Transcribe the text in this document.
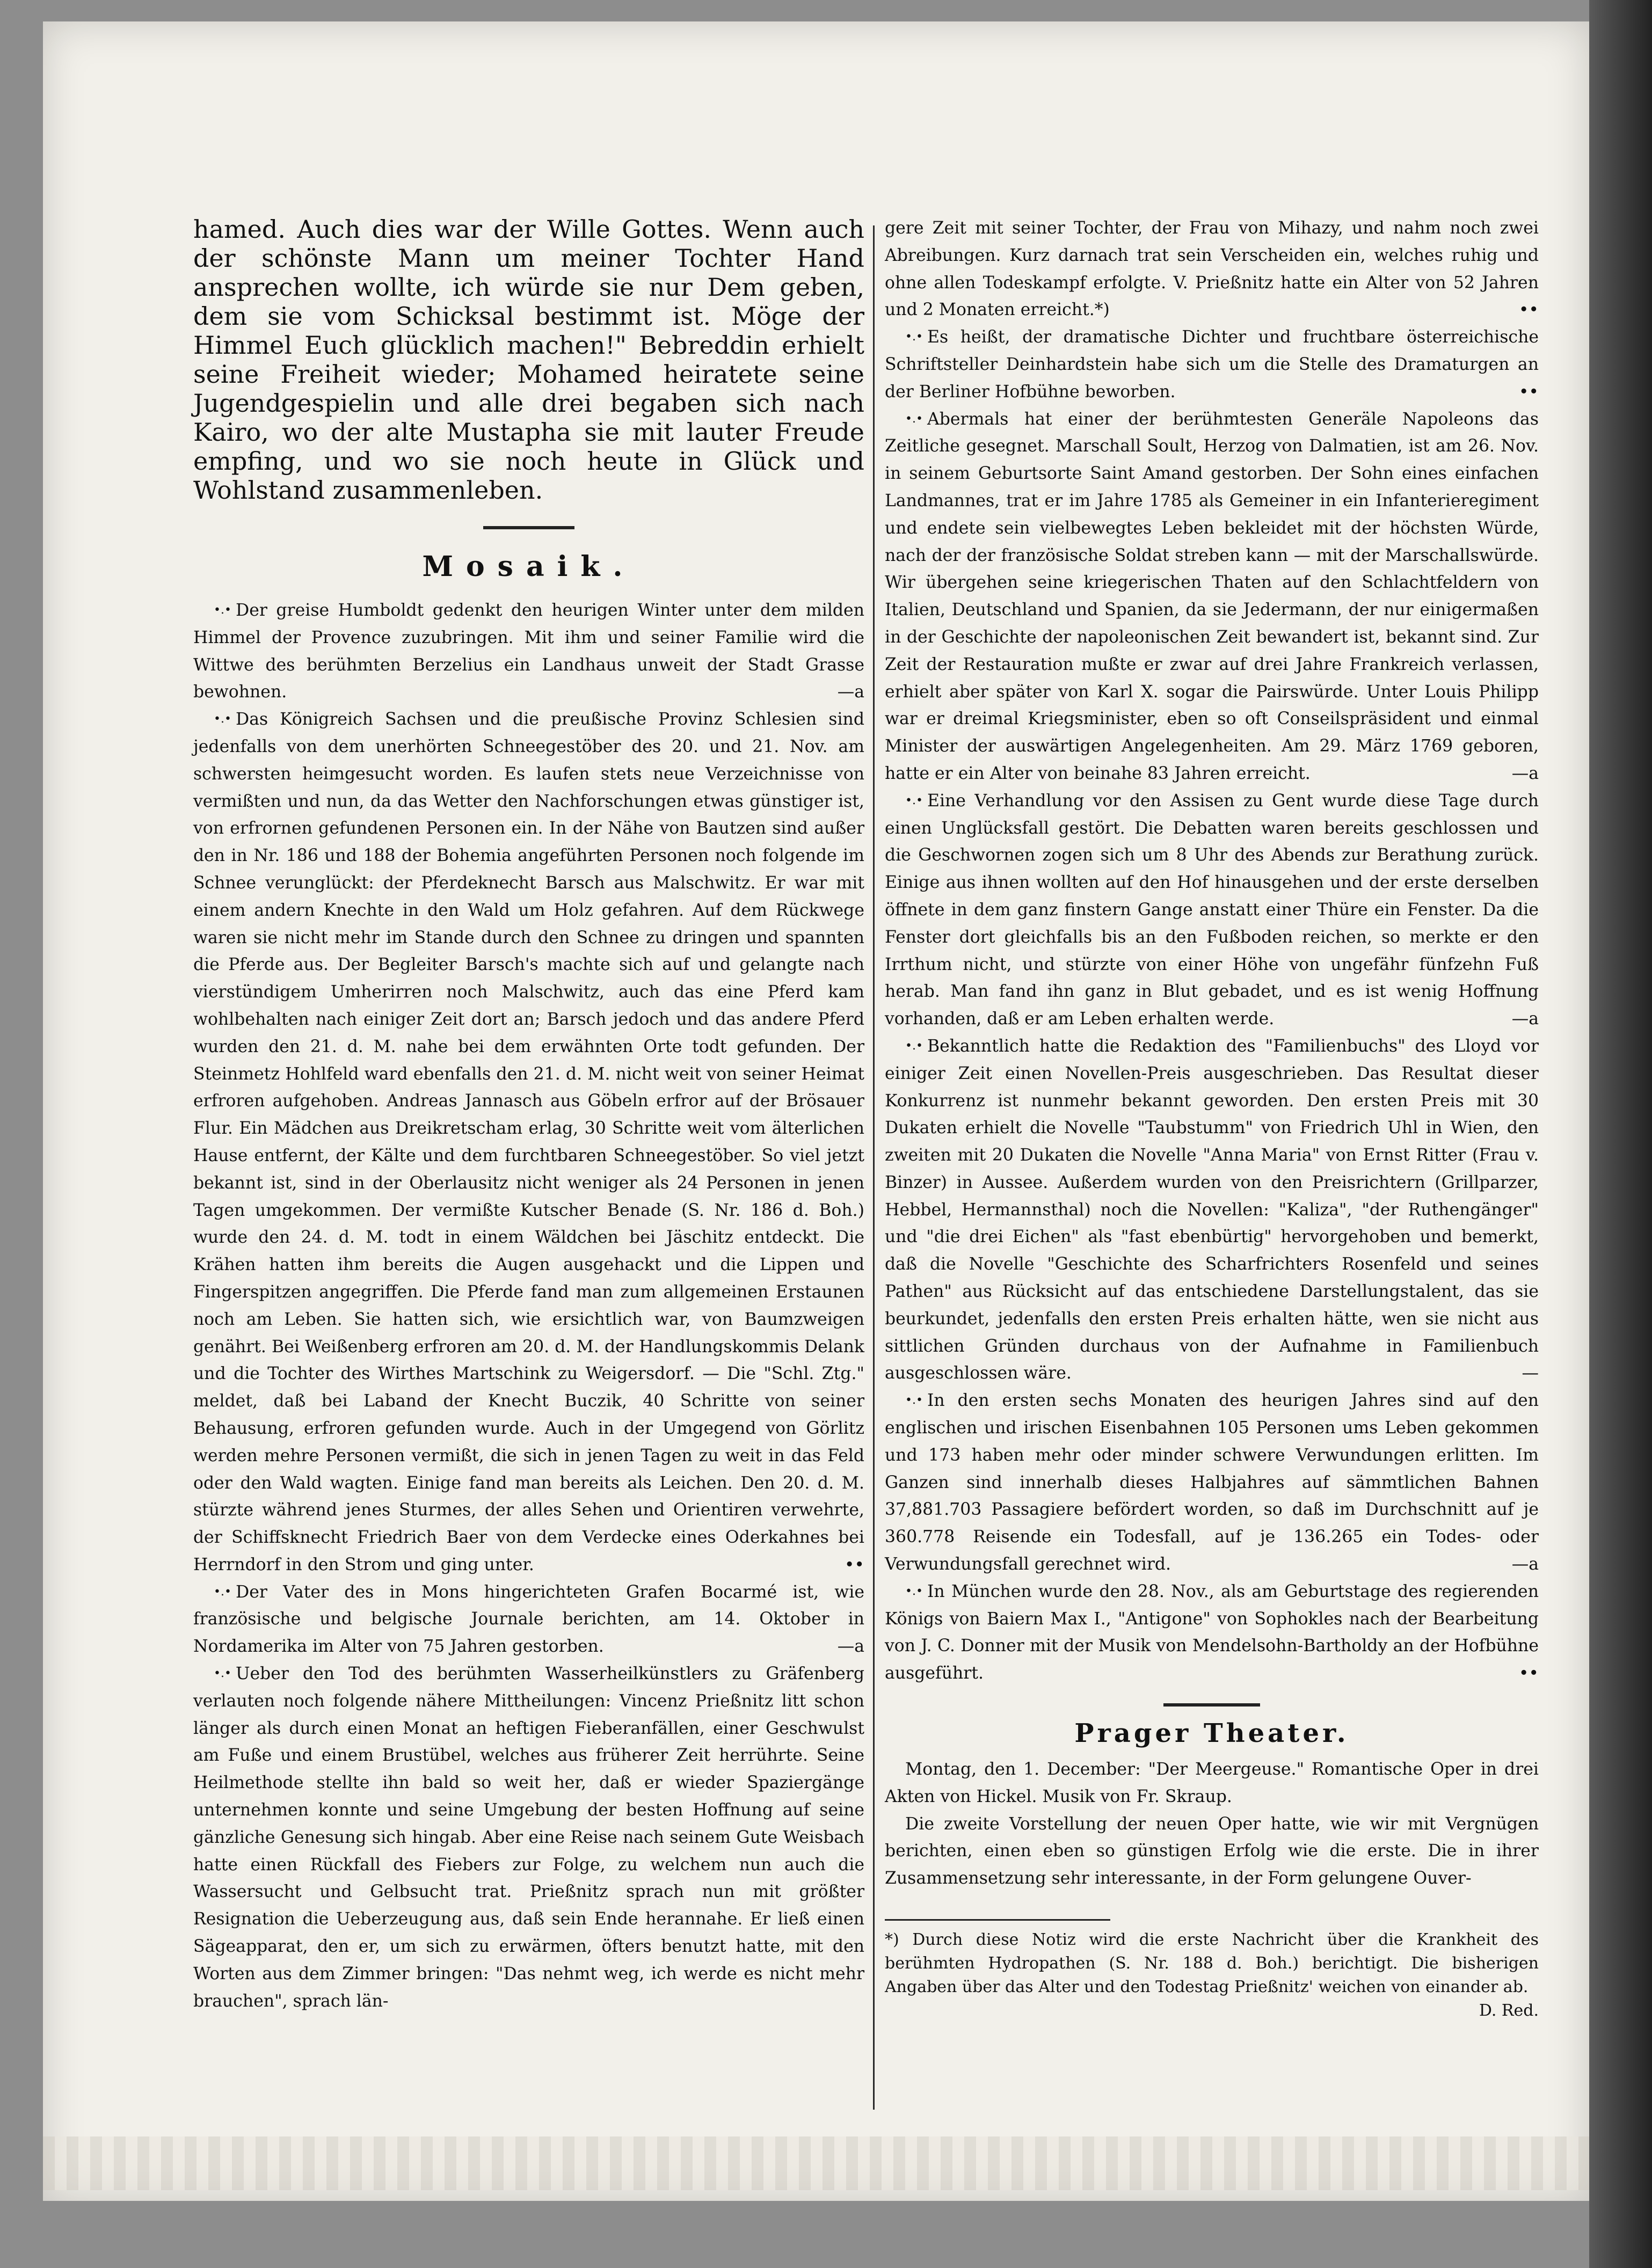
hamed. Auch dies war der Wille Gottes. Wenn auch der schönste Mann um meiner Tochter Hand ansprechen wollte, ich würde sie nur Dem geben, dem sie vom Schicksal bestimmt ist. Möge der Himmel Euch glücklich machen!" Bebreddin erhielt seine Freiheit wieder; Mohamed heiratete seine Jugendgespielin und alle drei begaben sich nach Kairo, wo der alte Mustapha sie mit lauter Freude empfing, und wo sie noch heute in Glück und Wohlstand zusammenleben.

Mosaik.

•.• Der greise Humboldt gedenkt den heurigen Winter unter dem milden Himmel der Provence zuzubringen. Mit ihm und seiner Familie wird die Wittwe des berühmten Berzelius ein Landhaus unweit der Stadt Grasse bewohnen.	—a

•.• Das Königreich Sachsen und die preußische Provinz Schlesien sind jedenfalls von dem unerhörten Schneegestöber des 20. und 21. Nov. am schwersten heimgesucht worden. Es laufen stets neue Verzeichnisse von vermißten und nun, da das Wetter den Nachforschungen etwas günstiger ist, von erfrornen gefundenen Personen ein. In der Nähe von Bautzen sind außer den in Nr. 186 und 188 der Bohemia angeführten Personen noch folgende im Schnee verunglückt: der Pferdeknecht Barsch aus Malschwitz. Er war mit einem andern Knechte in den Wald um Holz gefahren. Auf dem Rückwege waren sie nicht mehr im Stande durch den Schnee zu dringen und spannten die Pferde aus. Der Begleiter Barsch's machte sich auf und gelangte nach vierstündigem Umherirren noch Malschwitz, auch das eine Pferd kam wohlbehalten nach einiger Zeit dort an; Barsch jedoch und das andere Pferd wurden den 21. d. M. nahe bei dem erwähnten Orte todt gefunden. Der Steinmetz Hohlfeld ward ebenfalls den 21. d. M. nicht weit von seiner Heimat erfroren aufgehoben. Andreas Jannasch aus Göbeln erfror auf der Brösauer Flur. Ein Mädchen aus Dreikretscham erlag, 30 Schritte weit vom älterlichen Hause entfernt, der Kälte und dem furchtbaren Schneegestöber. So viel jetzt bekannt ist, sind in der Oberlausitz nicht weniger als 24 Personen in jenen Tagen umgekommen. Der vermißte Kutscher Benade (S. Nr. 186 d. Boh.) wurde den 24. d. M. todt in einem Wäldchen bei Jäschitz entdeckt. Die Krähen hatten ihm bereits die Augen ausgehackt und die Lippen und Fingerspitzen angegriffen. Die Pferde fand man zum allgemeinen Erstaunen noch am Leben. Sie hatten sich, wie ersichtlich war, von Baumzweigen genährt. Bei Weißenberg erfroren am 20. d. M. der Handlungskommis Delank und die Tochter des Wirthes Martschink zu Weigersdorf. — Die "Schl. Ztg." meldet, daß bei Laband der Knecht Buczik, 40 Schritte von seiner Behausung, erfroren gefunden wurde. Auch in der Umgegend von Görlitz werden mehre Personen vermißt, die sich in jenen Tagen zu weit in das Feld oder den Wald wagten. Einige fand man bereits als Leichen. Den 20. d. M. stürzte während jenes Sturmes, der alles Sehen und Orientiren verwehrte, der Schiffsknecht Friedrich Baer von dem Verdecke eines Oderkahnes bei Herrndorf in den Strom und ging unter.	••

•.• Der Vater des in Mons hingerichteten Grafen Bocarmé ist, wie französische und belgische Journale berichten, am 14. Oktober in Nordamerika im Alter von 75 Jahren gestorben.	—a

•.• Ueber den Tod des berühmten Wasserheilkünstlers zu Gräfenberg verlauten noch folgende nähere Mittheilungen: Vincenz Prießnitz litt schon länger als durch einen Monat an heftigen Fieberanfällen, einer Geschwulst am Fuße und einem Brustübel, welches aus früherer Zeit herrührte. Seine Heilmethode stellte ihn bald so weit her, daß er wieder Spaziergänge unternehmen konnte und seine Umgebung der besten Hoffnung auf seine gänzliche Genesung sich hingab. Aber eine Reise nach seinem Gute Weisbach hatte einen Rückfall des Fiebers zur Folge, zu welchem nun auch die Wassersucht und Gelbsucht trat. Prießnitz sprach nun mit größter Resignation die Ueberzeugung aus, daß sein Ende herannahe. Er ließ einen Sägeapparat, den er, um sich zu erwärmen, öfters benutzt hatte, mit den Worten aus dem Zimmer bringen: "Das nehmt weg, ich werde es nicht mehr brauchen", sprach län-

gere Zeit mit seiner Tochter, der Frau von Mihazy, und nahm noch zwei Abreibungen. Kurz darnach trat sein Verscheiden ein, welches ruhig und ohne allen Todeskampf erfolgte. V. Prießnitz hatte ein Alter von 52 Jahren und 2 Monaten erreicht.*)	••

•.• Es heißt, der dramatische Dichter und fruchtbare österreichische Schriftsteller Deinhardstein habe sich um die Stelle des Dramaturgen an der Berliner Hofbühne beworben.	••

•.• Abermals hat einer der berühmtesten Generäle Napoleons das Zeitliche gesegnet. Marschall Soult, Herzog von Dalmatien, ist am 26. Nov. in seinem Geburtsorte Saint Amand gestorben. Der Sohn eines einfachen Landmannes, trat er im Jahre 1785 als Gemeiner in ein Infanterieregiment und endete sein vielbewegtes Leben bekleidet mit der höchsten Würde, nach der der französische Soldat streben kann — mit der Marschallswürde. Wir übergehen seine kriegerischen Thaten auf den Schlachtfeldern von Italien, Deutschland und Spanien, da sie Jedermann, der nur einigermaßen in der Geschichte der napoleonischen Zeit bewandert ist, bekannt sind. Zur Zeit der Restauration mußte er zwar auf drei Jahre Frankreich verlassen, erhielt aber später von Karl X. sogar die Pairswürde. Unter Louis Philipp war er dreimal Kriegsminister, eben so oft Conseilspräsident und einmal Minister der auswärtigen Angelegenheiten. Am 29. März 1769 geboren, hatte er ein Alter von beinahe 83 Jahren erreicht.	—a

•.• Eine Verhandlung vor den Assisen zu Gent wurde diese Tage durch einen Unglücksfall gestört. Die Debatten waren bereits geschlossen und die Geschwornen zogen sich um 8 Uhr des Abends zur Berathung zurück. Einige aus ihnen wollten auf den Hof hinausgehen und der erste derselben öffnete in dem ganz finstern Gange anstatt einer Thüre ein Fenster. Da die Fenster dort gleichfalls bis an den Fußboden reichen, so merkte er den Irrthum nicht, und stürzte von einer Höhe von ungefähr fünfzehn Fuß herab. Man fand ihn ganz in Blut gebadet, und es ist wenig Hoffnung vorhanden, daß er am Leben erhalten werde.	—a

•.• Bekanntlich hatte die Redaktion des "Familienbuchs" des Lloyd vor einiger Zeit einen Novellen-Preis ausgeschrieben. Das Resultat dieser Konkurrenz ist nunmehr bekannt geworden. Den ersten Preis mit 30 Dukaten erhielt die Novelle "Taubstumm" von Friedrich Uhl in Wien, den zweiten mit 20 Dukaten die Novelle "Anna Maria" von Ernst Ritter (Frau v. Binzer) in Aussee. Außerdem wurden von den Preisrichtern (Grillparzer, Hebbel, Hermannsthal) noch die Novellen: "Kaliza", "der Ruthengänger" und "die drei Eichen" als "fast ebenbürtig" hervorgehoben und bemerkt, daß die Novelle "Geschichte des Scharfrichters Rosenfeld und seines Pathen" aus Rücksicht auf das entschiedene Darstellungstalent, das sie beurkundet, jedenfalls den ersten Preis erhalten hätte, wen sie nicht aus sittlichen Gründen durchaus von der Aufnahme in Familienbuch ausgeschlossen wäre.	—

•.• In den ersten sechs Monaten des heurigen Jahres sind auf den englischen und irischen Eisenbahnen 105 Personen ums Leben gekommen und 173 haben mehr oder minder schwere Verwundungen erlitten. Im Ganzen sind innerhalb dieses Halbjahres auf sämmtlichen Bahnen 37,881.703 Passagiere befördert worden, so daß im Durchschnitt auf je 360.778 Reisende ein Todesfall, auf je 136.265 ein Todes- oder Verwundungsfall gerechnet wird.	—a

•.• In München wurde den 28. Nov., als am Geburtstage des regierenden Königs von Baiern Max I., "Antigone" von Sophokles nach der Bearbeitung von J. C. Donner mit der Musik von Mendelsohn-Bartholdy an der Hofbühne ausgeführt.	••

Prager Theater.

Montag, den 1. December: "Der Meergeuse." Romantische Oper in drei Akten von Hickel. Musik von Fr. Skraup.

Die zweite Vorstellung der neuen Oper hatte, wie wir mit Vergnügen berichten, einen eben so günstigen Erfolg wie die erste. Die in ihrer Zusammensetzung sehr interessante, in der Form gelungene Ouver-

*) Durch diese Notiz wird die erste Nachricht über die Krankheit des berühmten Hydropathen (S. Nr. 188 d. Boh.) berichtigt. Die bisherigen Angaben über das Alter und den Todestag Prießnitz' weichen von einander ab.
D. Red.
